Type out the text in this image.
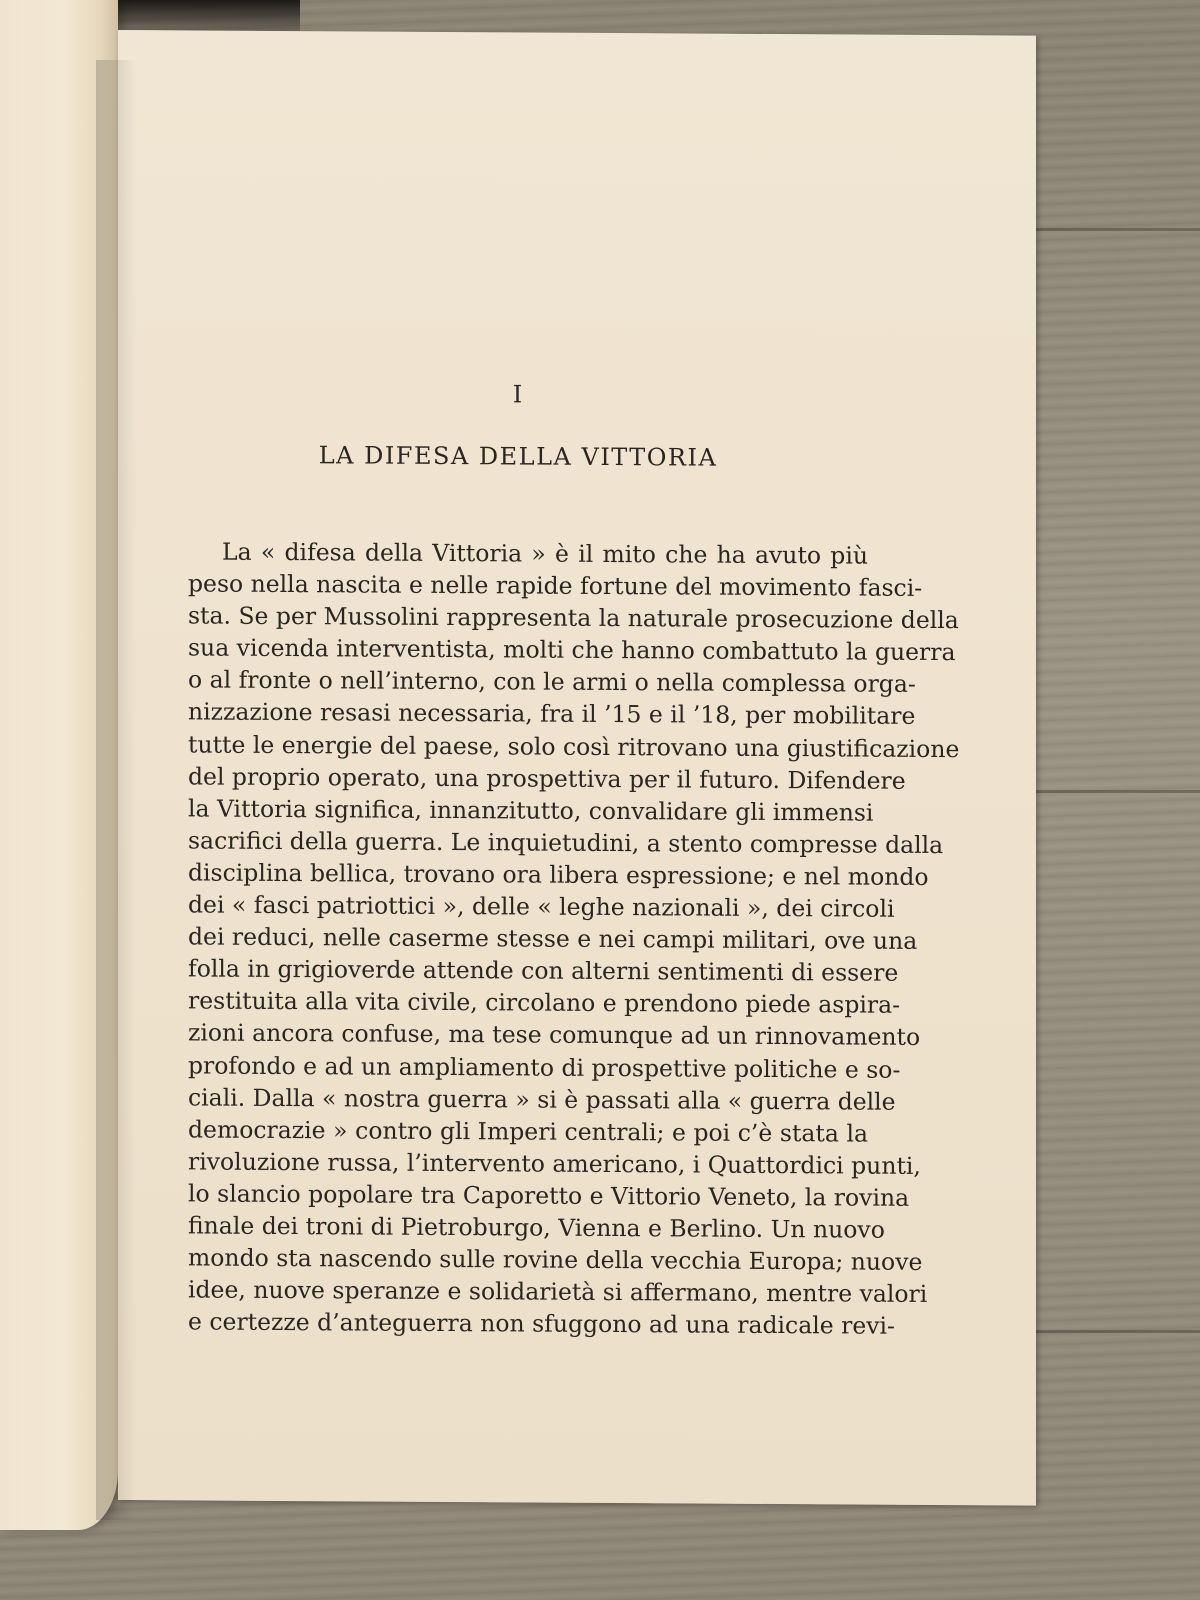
I
LA DIFESA DELLA VITTORIA
La « difesa della Vittoria » è il mito che ha avuto più
peso nella nascita e nelle rapide fortune del movimento fasci-
sta. Se per Mussolini rappresenta la naturale prosecuzione della
sua vicenda interventista, molti che hanno combattuto la guerra
o al fronte o nell’interno, con le armi o nella complessa orga-
nizzazione resasi necessaria, fra il ’15 e il ’18, per mobilitare
tutte le energie del paese, solo così ritrovano una giustificazione
del proprio operato, una prospettiva per il futuro. Difendere
la Vittoria significa, innanzitutto, convalidare gli immensi
sacrifici della guerra. Le inquietudini, a stento compresse dalla
disciplina bellica, trovano ora libera espressione; e nel mondo
dei « fasci patriottici », delle « leghe nazionali », dei circoli
dei reduci, nelle caserme stesse e nei campi militari, ove una
folla in grigioverde attende con alterni sentimenti di essere
restituita alla vita civile, circolano e prendono piede aspira-
zioni ancora confuse, ma tese comunque ad un rinnovamento
profondo e ad un ampliamento di prospettive politiche e so-
ciali. Dalla « nostra guerra » si è passati alla « guerra delle
democrazie » contro gli Imperi centrali; e poi c’è stata la
rivoluzione russa, l’intervento americano, i Quattordici punti,
lo slancio popolare tra Caporetto e Vittorio Veneto, la rovina
finale dei troni di Pietroburgo, Vienna e Berlino. Un nuovo
mondo sta nascendo sulle rovine della vecchia Europa; nuove
idee, nuove speranze e solidarietà si affermano, mentre valori
e certezze d’anteguerra non sfuggono ad una radicale revi-
